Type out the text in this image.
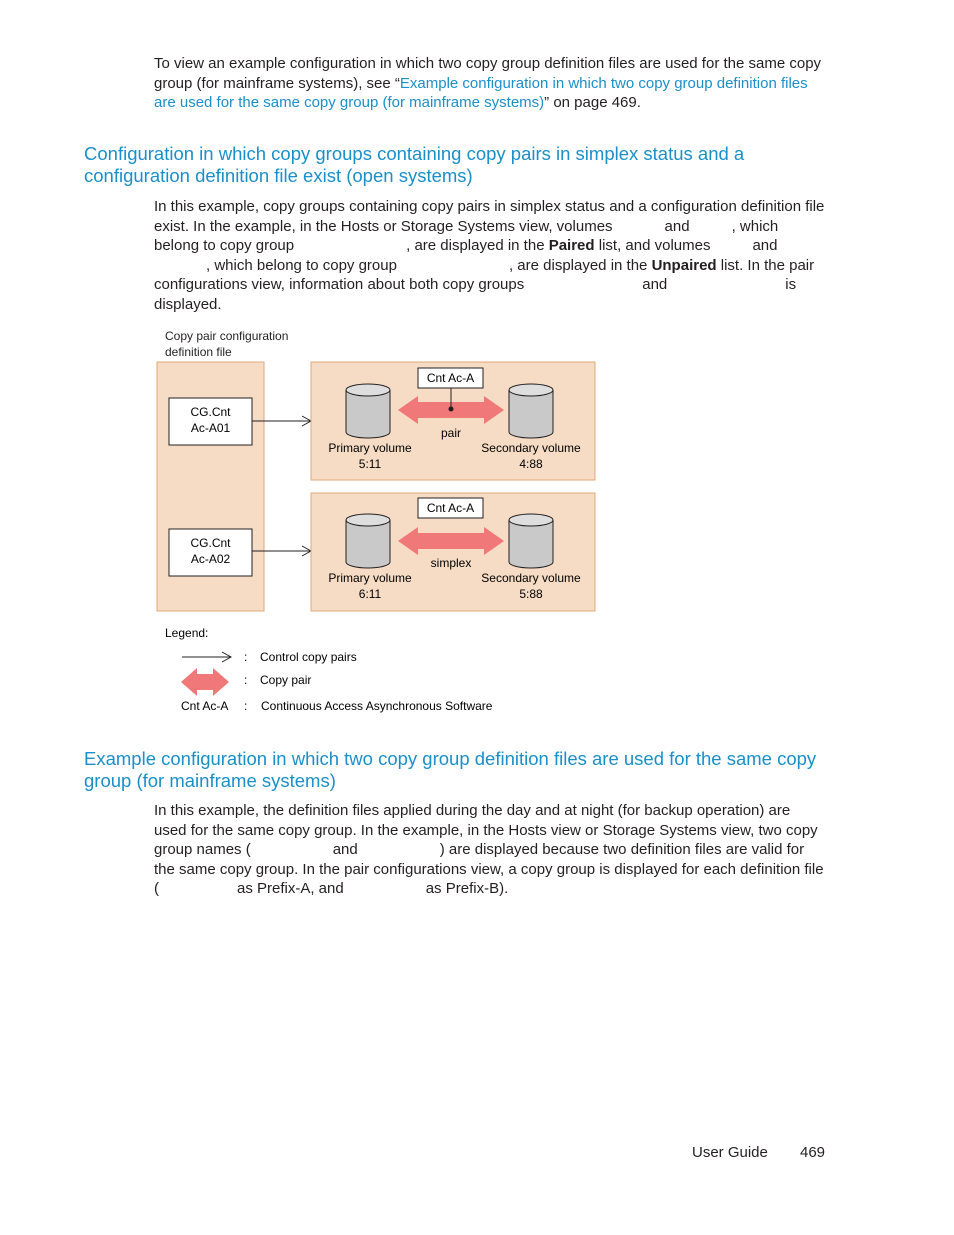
To view an example configuration in which two copy group definition files are used for the same copy group (for mainframe systems), see “Example configuration in which two copy group definition files are used for the same copy group (for mainframe systems)” on page 469.

Configuration in which copy groups containing copy pairs in simplex status and a configuration definition file exist (open systems)

In this example, copy groups containing copy pairs in simplex status and a configuration definition file exist. In the example, in the Hosts or Storage Systems view, volumes	and	, which belong to copy group	, are displayed in the Paired list, and volumes	and, which belong to copy group	, are displayed in the Unpaired list. In the pair configurations view, information about both copy groups	and	is displayed.

Copy pair configuration
definition file
CG.Cnt
Ac-A01
CG.Cnt
Ac-A02
Cnt Ac-A
pair
Primary volume
5:11
Secondary volume
4:88
Cnt Ac-A
simplex
Primary volume
6:11
Secondary volume
5:88
Legend:
: Control copy pairs
: Copy pair
Cnt Ac-A : Continuous Access Asynchronous Software
Example configuration in which two copy group definition files are used for the same copy group (for mainframe systems)

In this example, the definition files applied during the day and at night (for backup operation) are used for the same copy group. In the example, in the Hosts view or Storage Systems view, two copy group names (	and	) are displayed because two definition files are valid for the same copy group. In the pair configurations view, a copy group is displayed for each definition file (	as Prefix-A, and	as Prefix-B).

User Guide 469
